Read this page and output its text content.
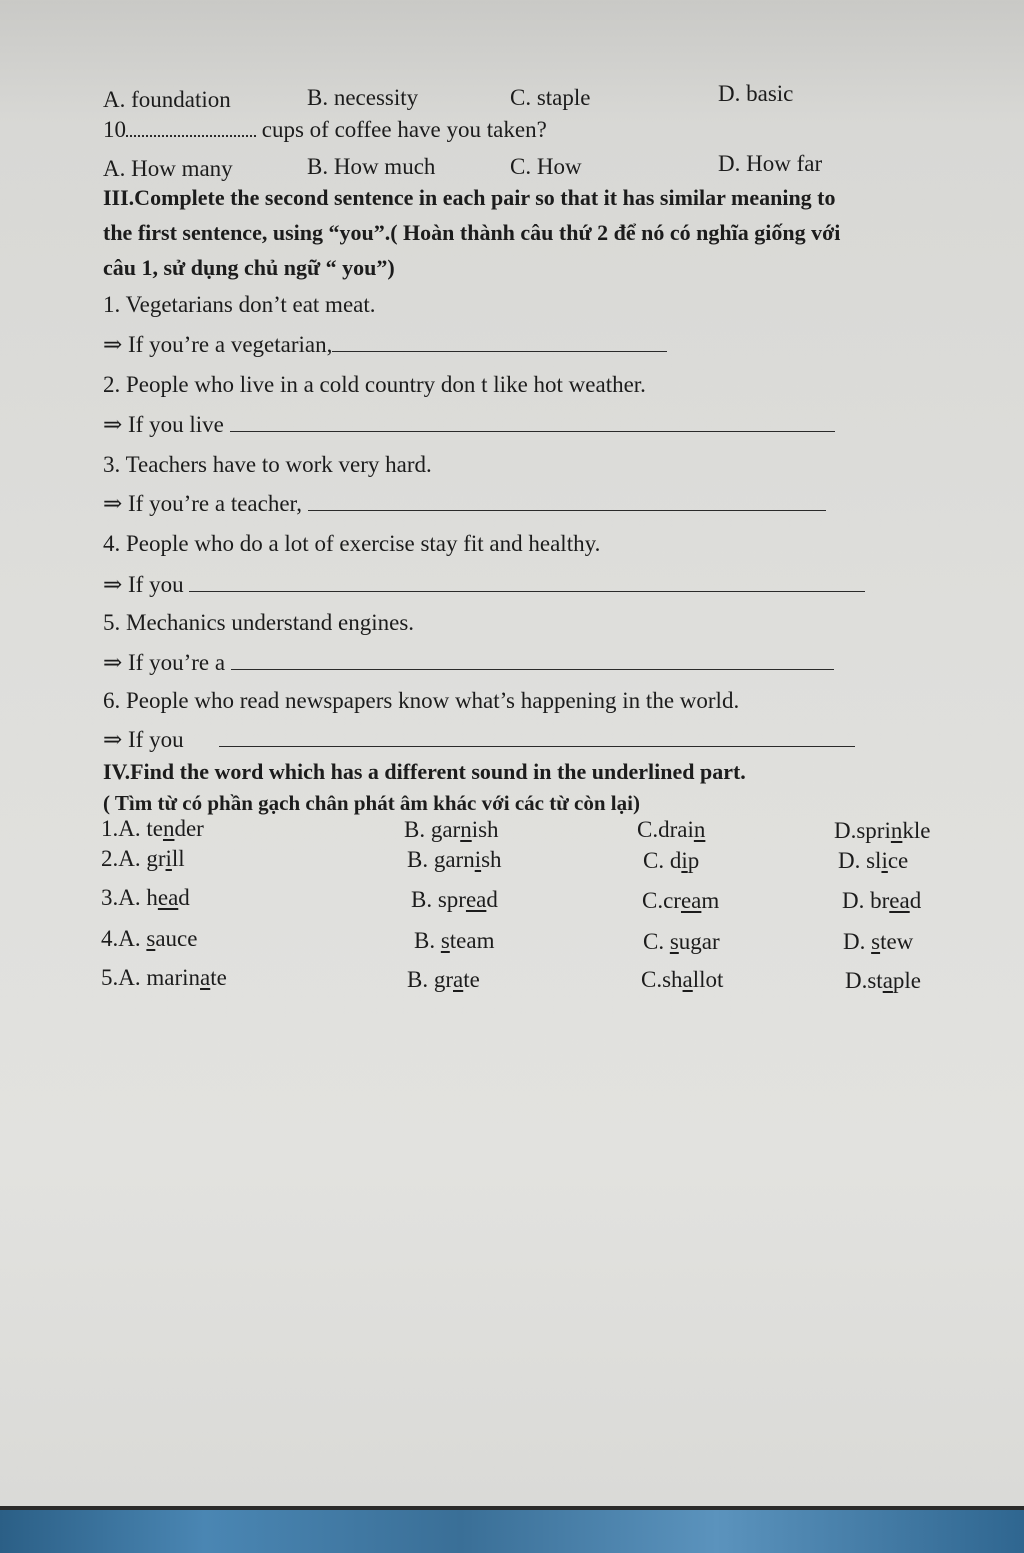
A. foundation	B. necessity	C. staple	D. basic
10	cups of coffee have you taken?
A. How many	B. How much	C. How	D. How far
III.Complete the second sentence in each pair so that it has similar meaning to
the first sentence, using “you”.( Hoàn thành câu thứ 2 để nó có nghĩa giống với
câu 1, sử dụng chủ ngữ “ you”)
1. Vegetarians don’t eat meat.
⇒ If you’re a vegetarian,
2. People who live in a cold country don t like hot weather.
⇒ If you live
3. Teachers have to work very hard.
⇒ If you’re a teacher,
4. People who do a lot of exercise stay fit and healthy.
⇒ If you
5. Mechanics understand engines.
⇒ If you’re a
6. People who read newspapers know what’s happening in the world.
⇒ If you
IV.Find the word which has a different sound in the underlined part.
( Tìm từ có phần gạch chân phát âm khác với các từ còn lại)
1.A. tender	B. garnish	C.drain	D.sprinkle
2.A. grill	B. garnish	C. dip	D. slice
3.A. head	B. spread	C.cream	D. bread
4.A. sauce	B. steam	C. sugar	D. stew
5.A. marinate	B. grate	C.shallot	D.staple
